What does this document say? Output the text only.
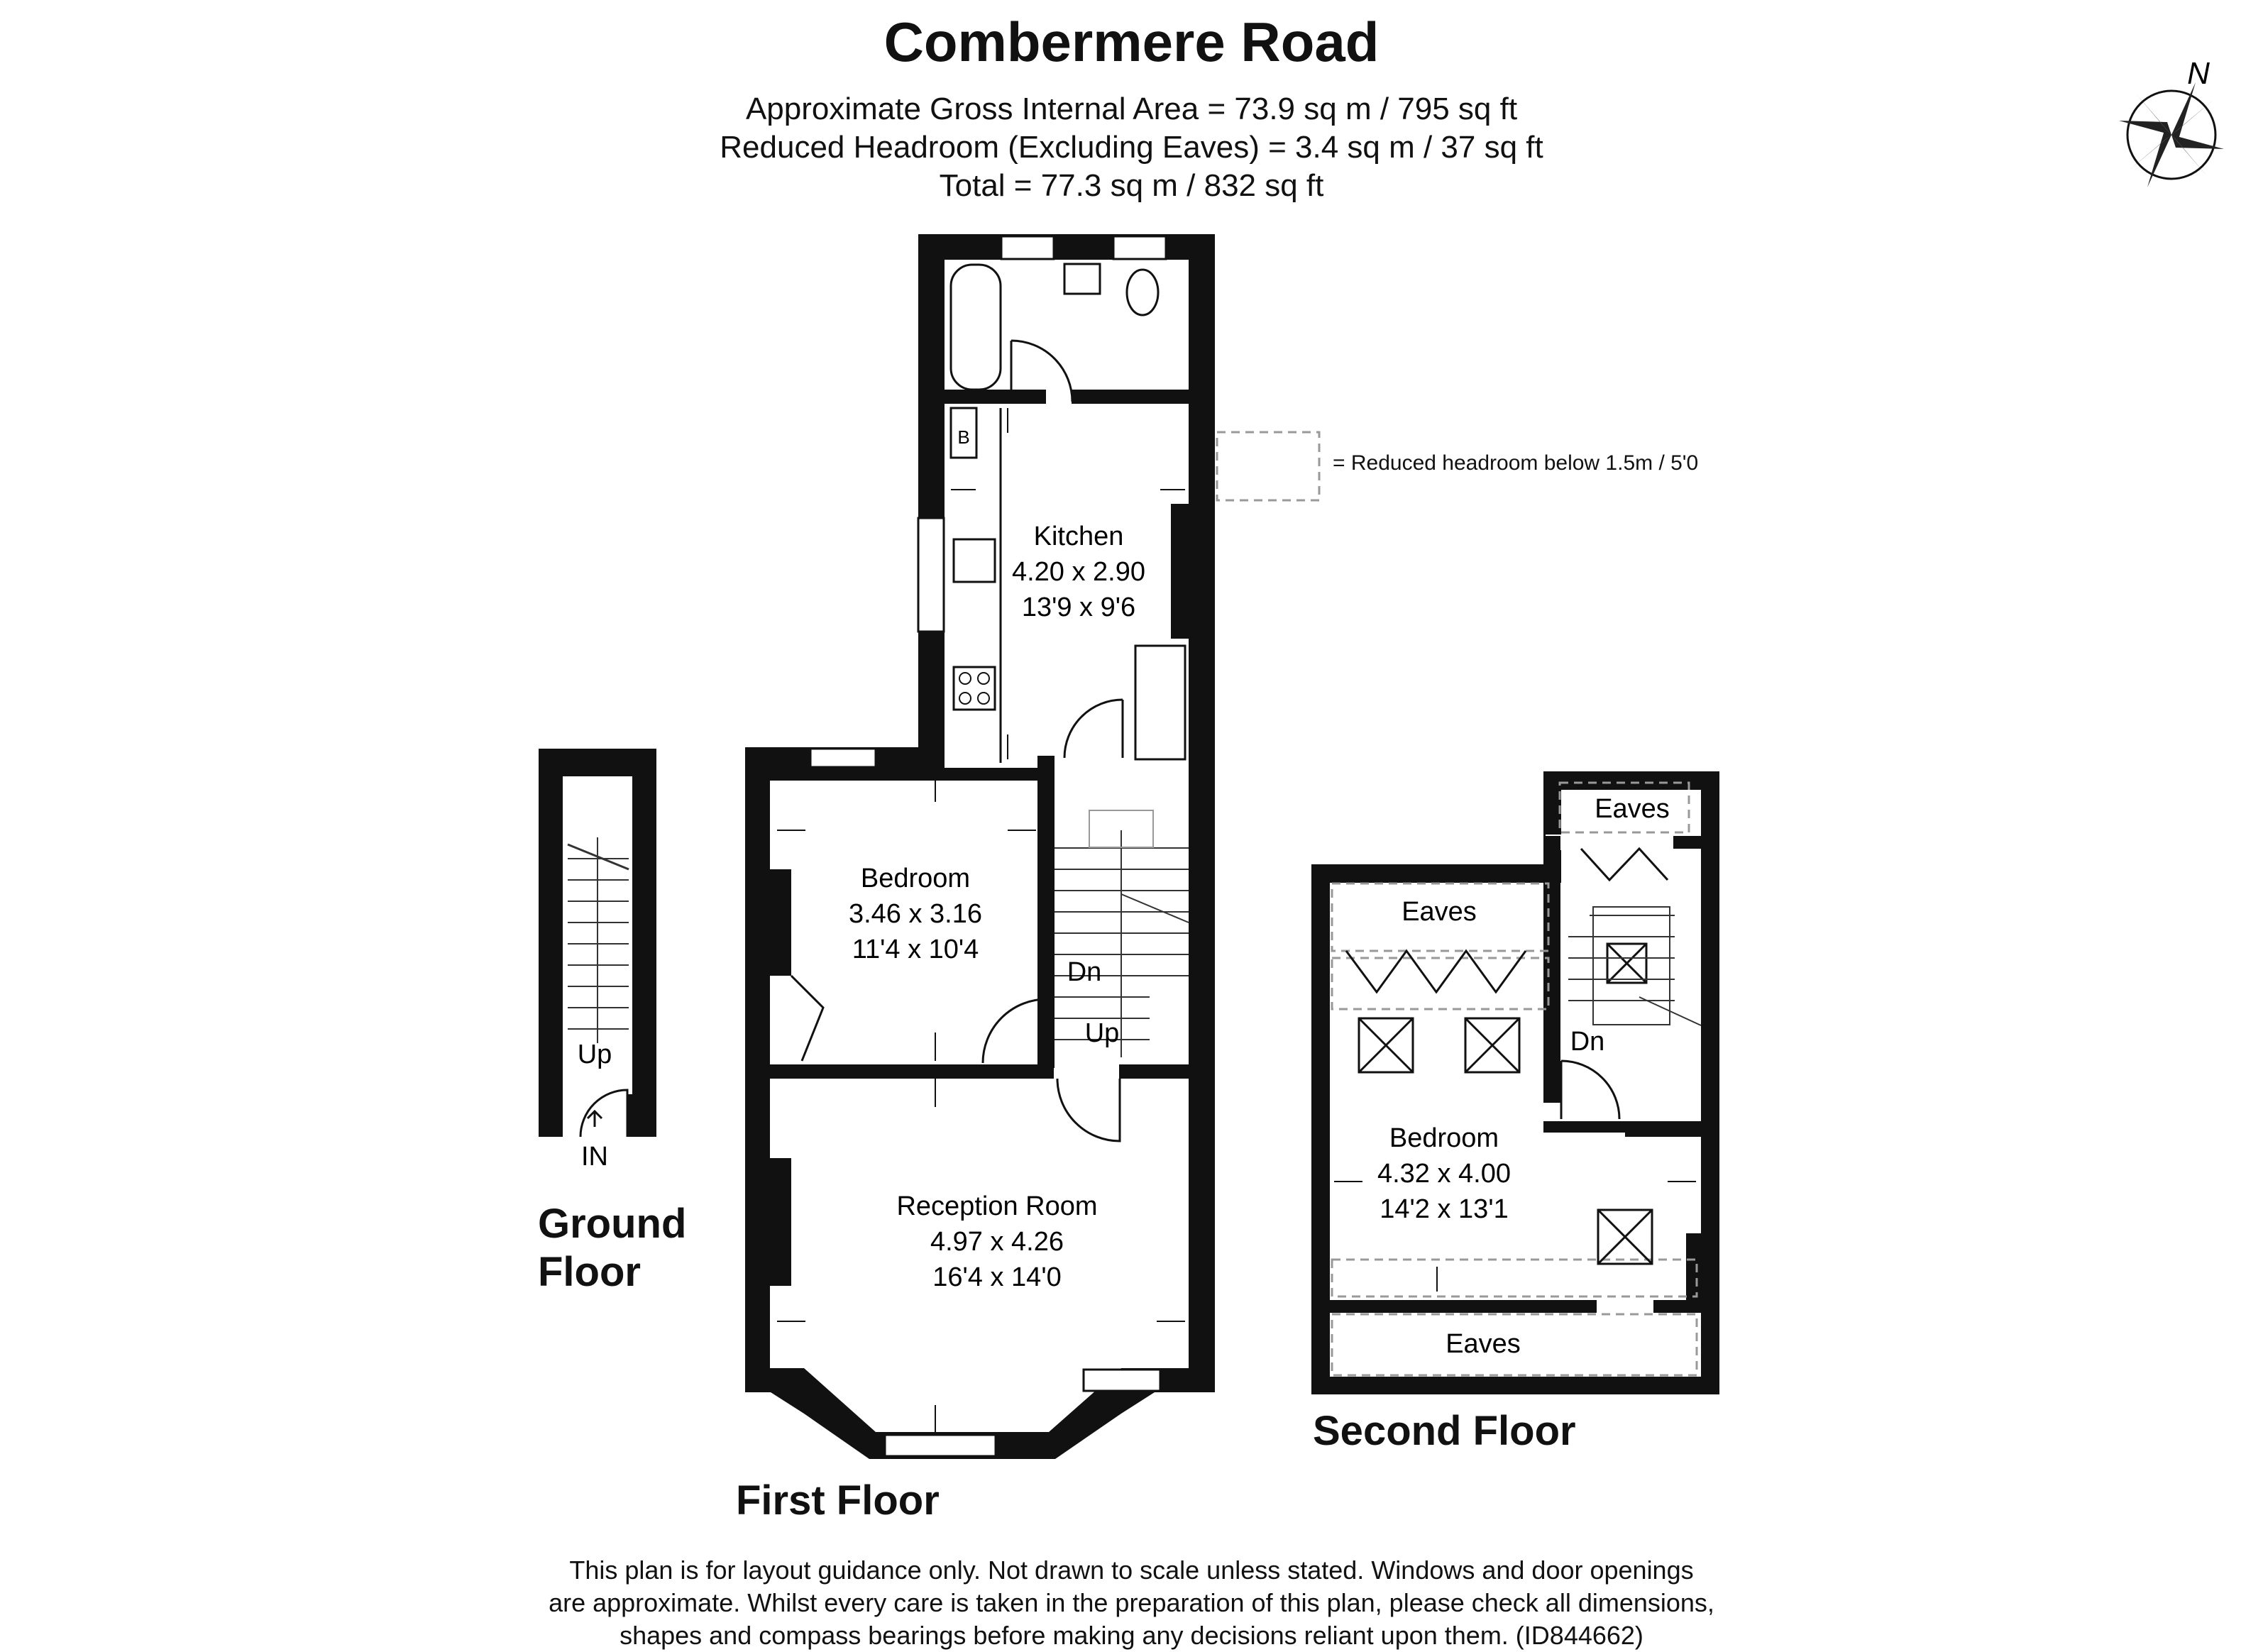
Combermere Road
Approximate Gross Internal Area = 73.9 sq m / 795 sq ft
Reduced Headroom (Excluding Eaves) = 3.4 sq m / 37 sq ft
Total = 77.3 sq m / 832 sq ft
N
Up
IN
B
Kitchen
4.20 x 2.90
13'9 x 9'6
Bedroom
3.46 x 3.16
11'4 x 10'4
Reception Room
4.97 x 4.26
16'4 x 14'0
Dn
Up
Eaves
Eaves
Eaves
Bedroom
4.32 x 4.00
14'2 x 13'1
Dn
Ground
Floor
First Floor
Second Floor
= Reduced headroom below 1.5m / 5'0
This plan is for layout guidance only. Not drawn to scale unless stated. Windows and door openings
are approximate. Whilst every care is taken in the preparation of this plan, please check all dimensions,
shapes and compass bearings before making any decisions reliant upon them. (ID844662)
